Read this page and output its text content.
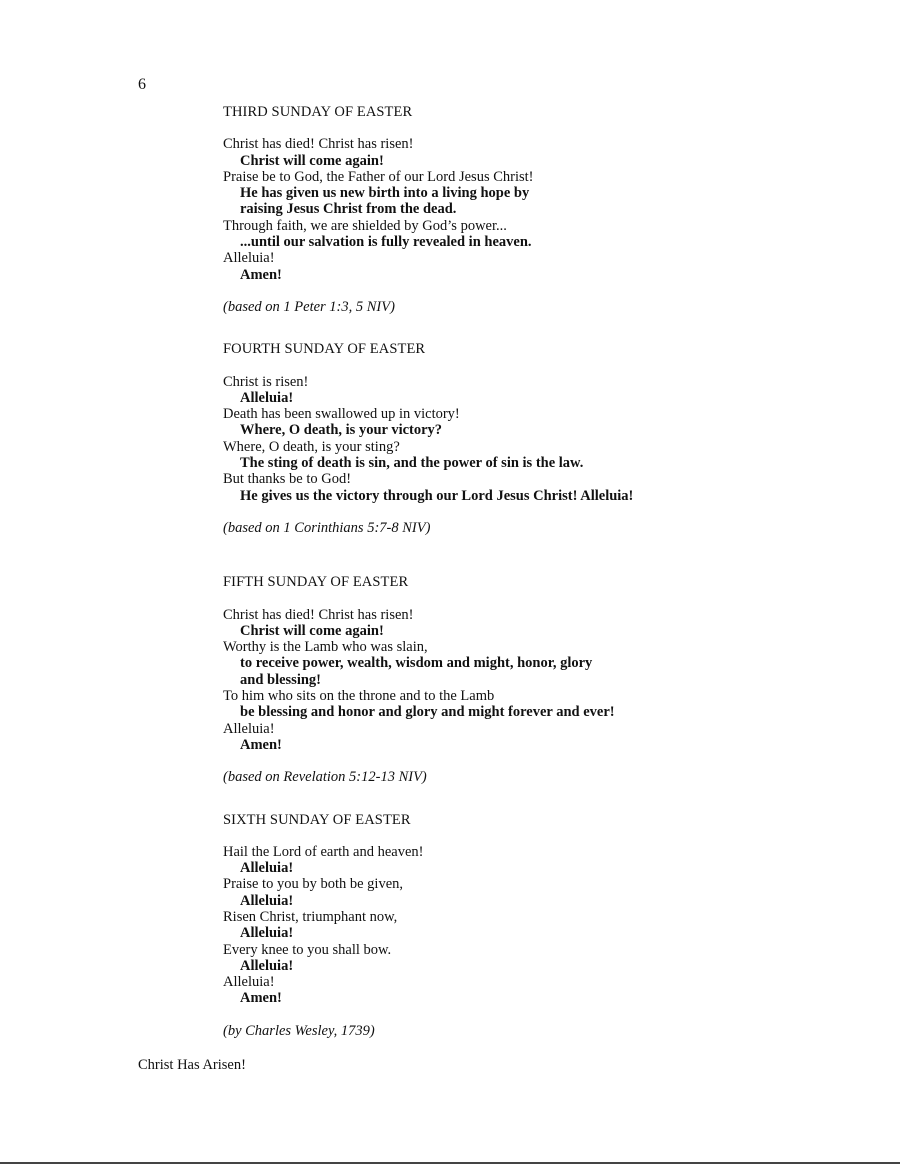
6
THIRD SUNDAY OF EASTER
Christ has died! Christ has risen!
Christ will come again!
Praise be to God, the Father of our Lord Jesus Christ!
He has given us new birth into a living hope by
raising Jesus Christ from the dead.
Through faith, we are shielded by God’s power...
...until our salvation is fully revealed in heaven.
Alleluia!
Amen!
(based on 1 Peter 1:3, 5 NIV)
FOURTH SUNDAY OF EASTER
Christ is risen!
Alleluia!
Death has been swallowed up in victory!
Where, O death, is your victory?
Where, O death, is your sting?
The sting of death is sin, and the power of sin is the law.
But thanks be to God!
He gives us the victory through our Lord Jesus Christ! Alleluia!
(based on 1 Corinthians 5:7-8 NIV)
FIFTH SUNDAY OF EASTER
Christ has died! Christ has risen!
Christ will come again!
Worthy is the Lamb who was slain,
to receive power, wealth, wisdom and might, honor, glory
and blessing!
To him who sits on the throne and to the Lamb
be blessing and honor and glory and might forever and ever!
Alleluia!
Amen!
(based on Revelation 5:12-13 NIV)
SIXTH SUNDAY OF EASTER
Hail the Lord of earth and heaven!
Alleluia!
Praise to you by both be given,
Alleluia!
Risen Christ, triumphant now,
Alleluia!
Every knee to you shall bow.
Alleluia!
Alleluia!
Amen!
(by Charles Wesley, 1739)
Christ Has Arisen!
